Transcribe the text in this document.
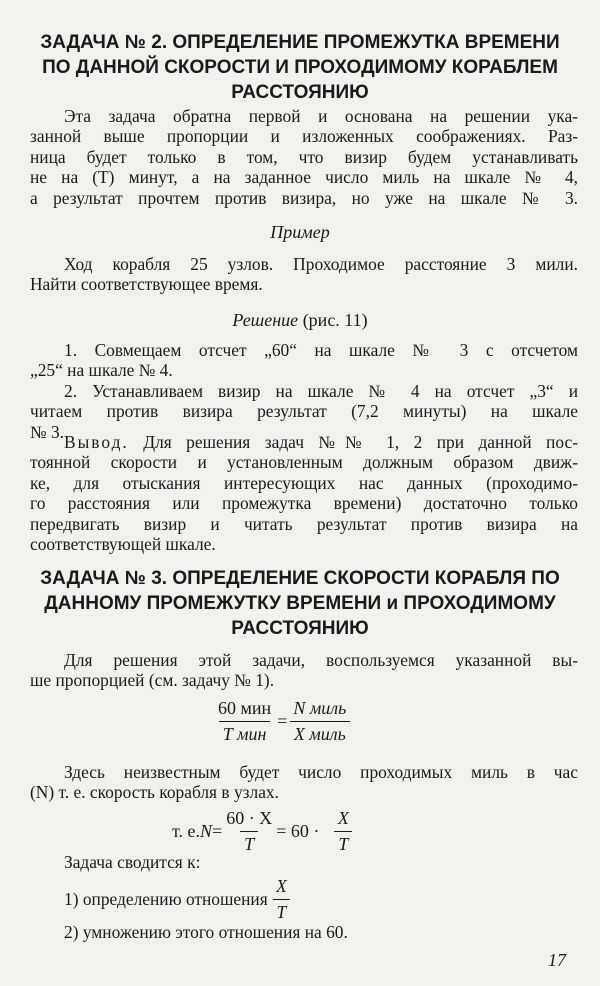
ЗАДАЧА № 2. ОПРЕДЕЛЕНИЕ ПРОМЕЖУТКА ВРЕМЕНИ
ПО ДАННОЙ СКОРОСТИ И ПРОХОДИМОМУ КОРАБЛЕМ
РАССТОЯНИЮ
Эта задача обратна первой и основана на решении ука-
занной выше пропорции и изложенных соображениях. Раз-
ница будет только в том, что визир будем устанавливать
не на (T) минут, а на заданное число миль на шкале № 4,
а результат прочтем против визира, но уже на шкале № 3.
Пример
Ход корабля 25 узлов. Проходимое расстояние 3 мили.
Найти соответствующее время.
Решение (рис. 11)
1. Совмещаем отсчет „60“ на шкале № 3 с отсчетом
„25“ на шкале № 4.
2. Устанавливаем визир на шкале № 4 на отсчет „3“ и
читаем против визира результат (7,2 минуты) на шкале
№ 3.
Вывод. Для решения задач №№ 1, 2 при данной пос-
тоянной скорости и установленным должным образом движ-
ке, для отыскания интересующих нас данных (проходимо-
го расстояния или промежутка времени) достаточно только
передвигать визир и читать результат против визира на
соответствующей шкале.
ЗАДАЧА № 3. ОПРЕДЕЛЕНИЕ СКОРОСТИ КОРАБЛЯ ПО
ДАННОМУ ПРОМЕЖУТКУ ВРЕМЕНИ и ПРОХОДИМОМУ
РАССТОЯНИЮ
Для решения этой задачи, воспользуемся указанной вы-
ше пропорцией (см. задачу № 1).
$\frac{\text{60 мин}}{\text{T мин}} = \frac{\text{N миль}}{\text{X миль}}$
Здесь неизвестным будет число проходимых миль в час
(N) т. е. скорость корабля в узлах.
т. е. $N = \frac{60 \cdot X}{T} = 60 \cdot \frac{X}{T}$
Задача сводится к:
1) определению отношения $\frac{X}{T}$
2) умножению этого отношения на 60.
17
